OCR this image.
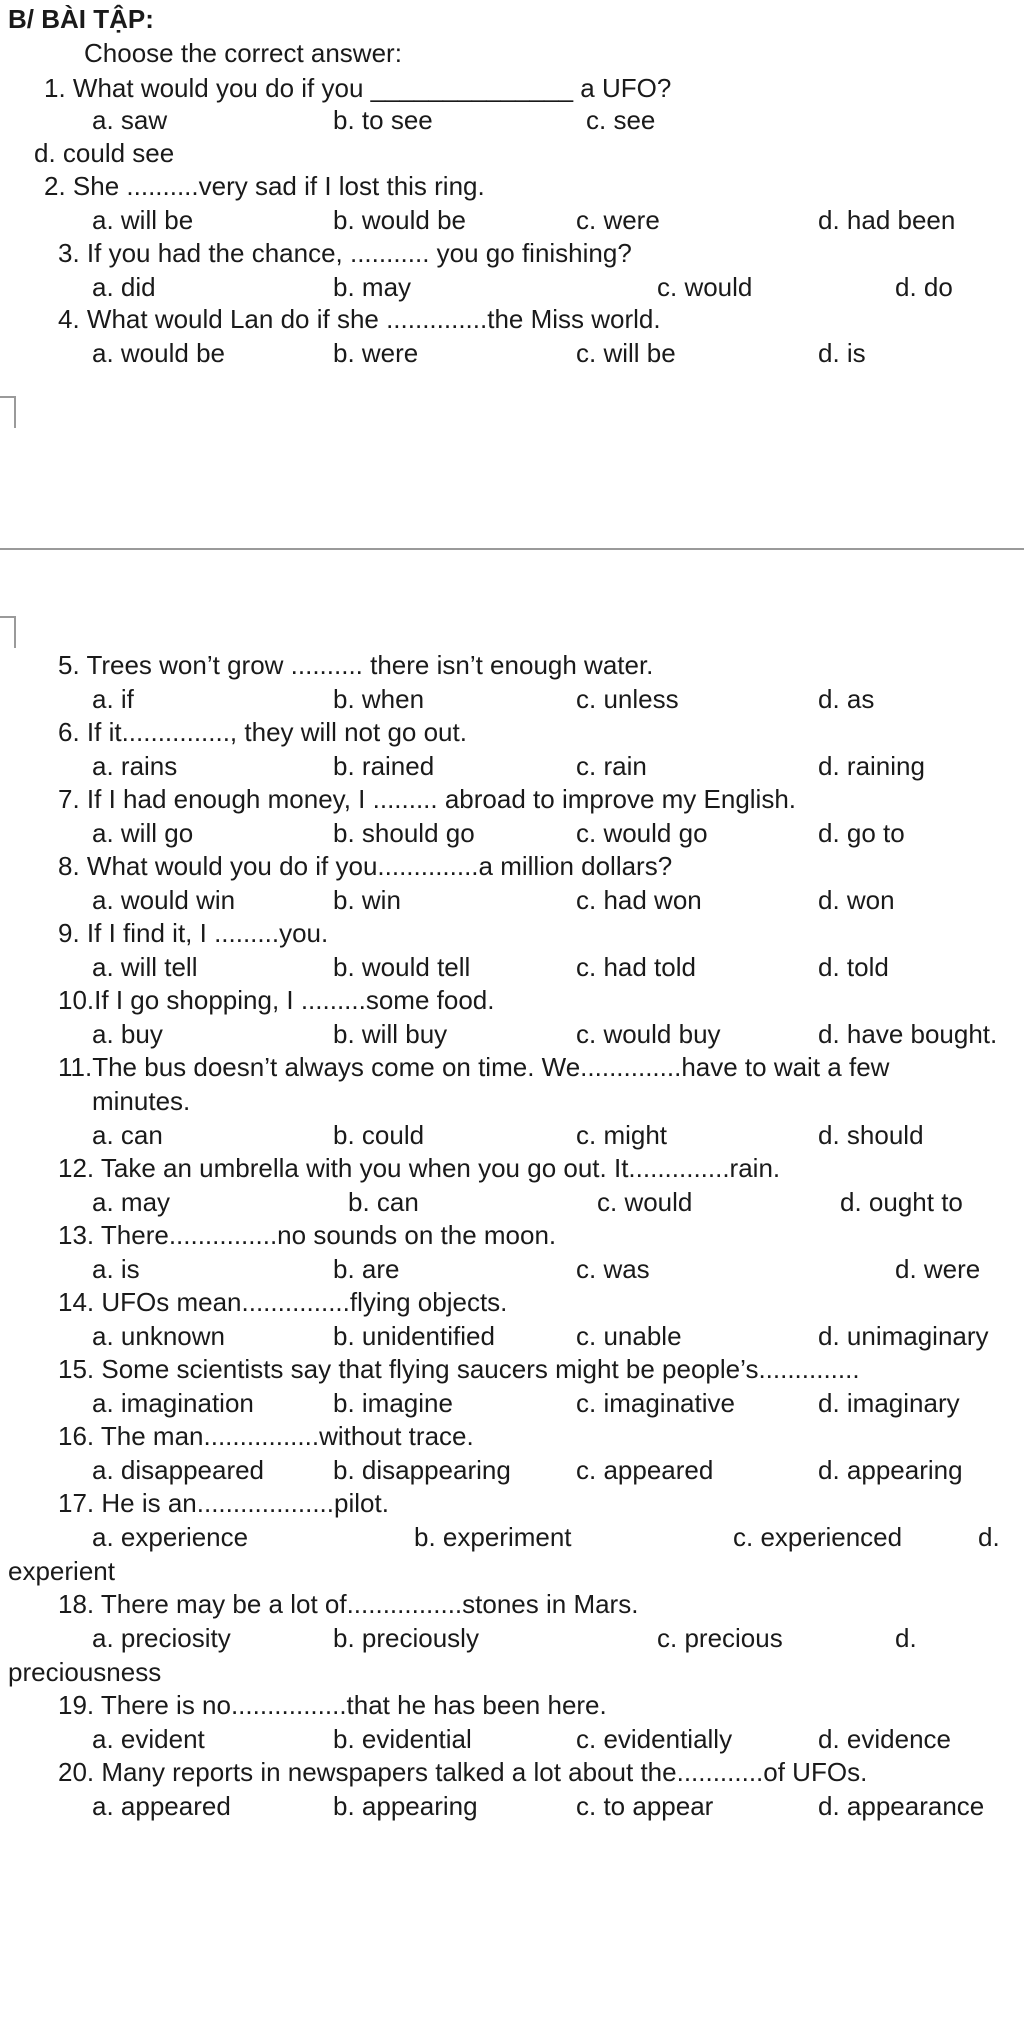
B/ BÀI TẬP:
Choose the correct answer:
1. What would you do if you ______________ a UFO?
a. saw	b. to see	c. see
d. could see
2. She ..........very sad if I lost this ring.
a. will be	b. would be	c. were	d. had been
3. If you had the chance, ........... you go finishing?
a. did	b. may	c. would	d. do
4. What would Lan do if she ..............the Miss world.
a. would be	b. were	c. will be	d. is
5. Trees won’t grow .......... there isn’t enough water.
a. if	b. when	c. unless	d. as
6. If it..............., they will not go out.
a. rains	b. rained	c. rain	d. raining
7. If I had enough money, I ......... abroad to improve my English.
a. will go	b. should go	c. would go	d. go to
8. What would you do if you..............a million dollars?
a. would win	b. win	c. had won	d. won
9. If I find it, I .........you.
a. will tell	b. would tell	c. had told	d. told
10.If I go shopping, I .........some food.
a. buy	b. will buy	c. would buy	d. have bought.
11.The bus doesn’t always come on time. We..............have to wait a few
minutes.
a. can	b. could	c. might	d. should
12. Take an umbrella with you when you go out. It..............rain.
a. may	b. can	c. would	d. ought to
13. There...............no sounds on the moon.
a. is	b. are	c. was	d. were
14. UFOs mean...............flying objects.
a. unknown	b. unidentified	c. unable	d. unimaginary
15. Some scientists say that flying saucers might be people’s..............
a. imagination	b. imagine	c. imaginative	d. imaginary
16. The man................without trace.
a. disappeared	b. disappearing	c. appeared	d. appearing
17. He is an...................pilot.
a. experience	b. experiment	c. experienced	d.
experient
18. There may be a lot of................stones in Mars.
a. preciosity	b. preciously	c. precious	d.
preciousness
19. There is no................that he has been here.
a. evident	b. evidential	c. evidentially	d. evidence
20. Many reports in newspapers talked a lot about the............of UFOs.
a. appeared	b. appearing	c. to appear	d. appearance
